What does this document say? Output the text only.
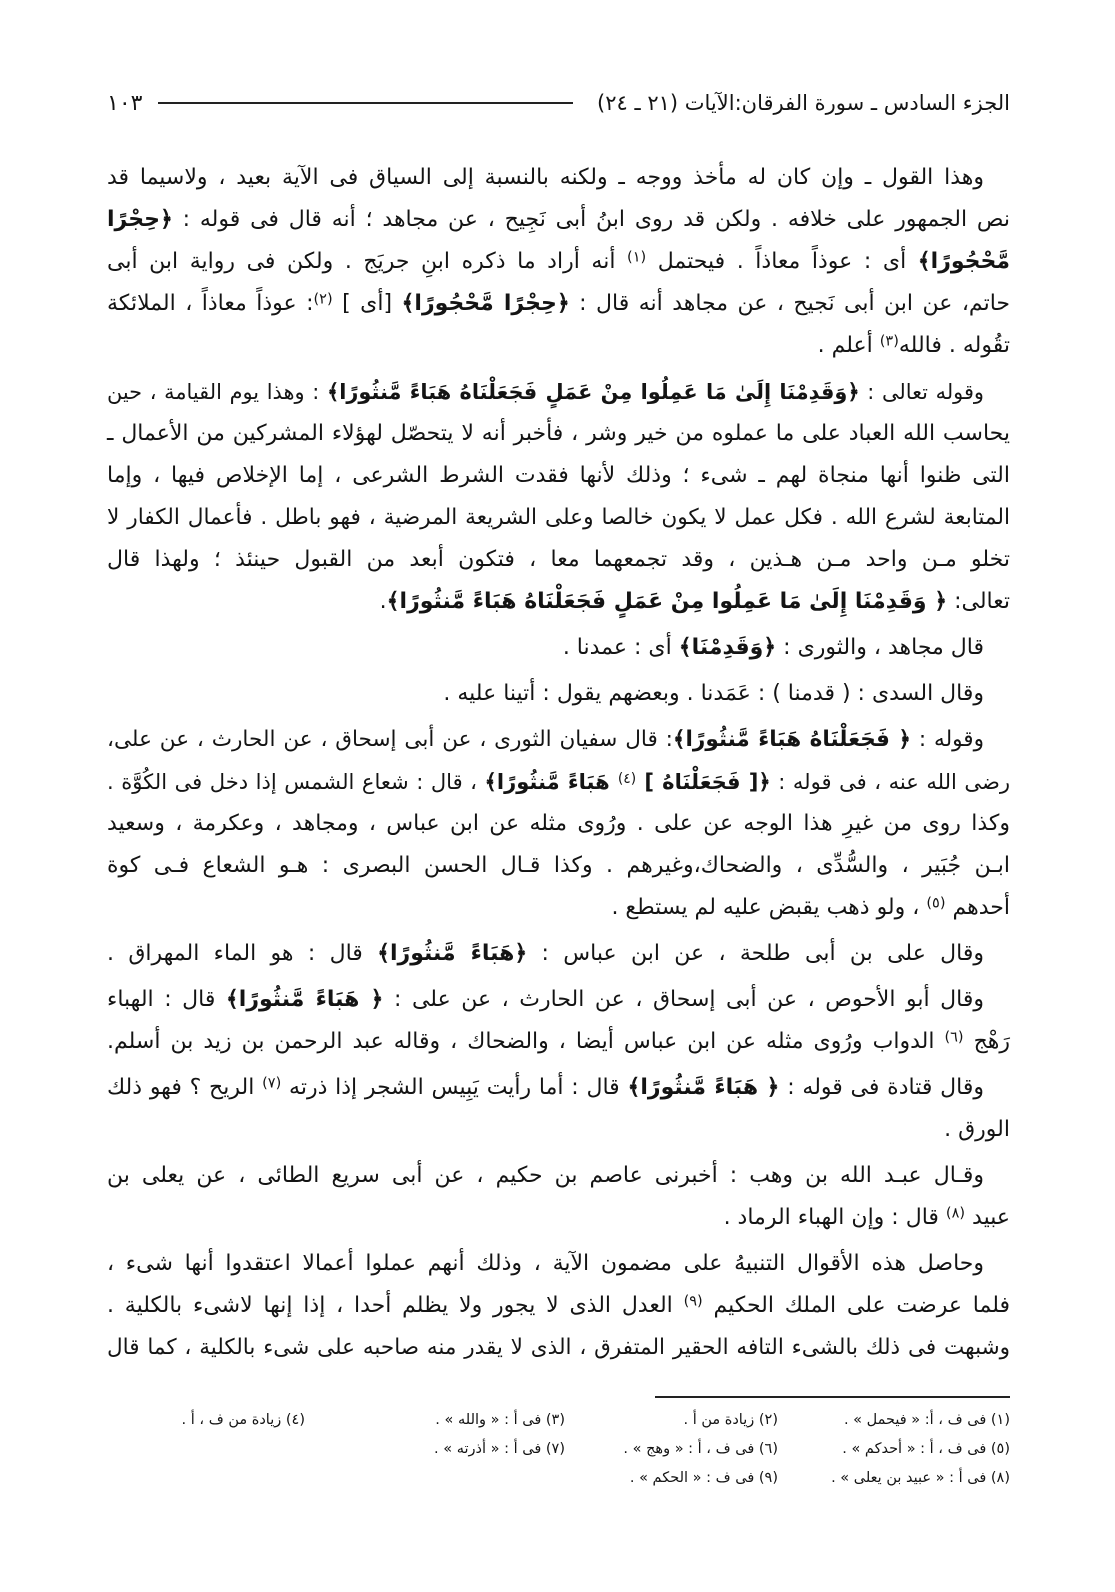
الجزء السادس ـ سورة الفرقان:الآيات (٢١ ـ ٢٤)
١٠٣
وهذا القول ـ وإن كان له مأخذ ووجه ـ ولكنه بالنسبة إلى السياق فى الآية بعيد ، ولاسيما قد
نص الجمهور على خلافه . ولكن قد روى ابنُ أبى نَجِيح ، عن مجاهد ؛ أنه قال فى قوله : ﴿حِجْرًا
مَّحْجُورًا﴾ أى : عوذاً معاذاً . فيحتمل $^{(١)}$ أنه أراد ما ذكره ابنِ جريَج . ولكن فى رواية ابن أبى
حاتم، عن ابن أبى نَجيح ، عن مجاهد أنه قال : ﴿حِجْرًا مَّحْجُورًا﴾ [أى ] $^{(٢)}$: عوذاً معاذاً ، الملائكة
تقُوله . فالله$^{(٣)}$ أعلم .
وقوله تعالى : ﴿وَقَدِمْنَا إِلَىٰ مَا عَمِلُوا مِنْ عَمَلٍ فَجَعَلْنَاهُ هَبَاءً مَّنثُورًا﴾ : وهذا يوم القيامة ، حين
يحاسب الله العباد على ما عملوه من خير وشر ، فأخبر أنه لا يتحصّل لهؤلاء المشركين من الأعمال ـ
التى ظنوا أنها منجاة لهم ـ شىء ؛ وذلك لأنها فقدت الشرط الشرعى ، إما الإخلاص فيها ، وإما
المتابعة لشرع الله . فكل عمل لا يكون خالصا وعلى الشريعة المرضية ، فهو باطل . فأعمال الكفار لا
تخلو مـن واحد مـن هـذين ، وقد تجمعهما معا ، فتكون أبعد من القبول حينئذ ؛ ولهذا قال
تعالى: ﴿ وَقَدِمْنَا إِلَىٰ مَا عَمِلُوا مِنْ عَمَلٍ فَجَعَلْنَاهُ هَبَاءً مَّنثُورًا﴾.
قال مجاهد ، والثورى : ﴿وَقَدِمْنَا﴾ أى : عمدنا .
وقال السدى : ( قدمنا ) : عَمَدنا . وبعضهم يقول : أتينا عليه .
وقوله : ﴿ فَجَعَلْنَاهُ هَبَاءً مَّنثُورًا﴾: قال سفيان الثورى ، عن أبى إسحاق ، عن الحارث ، عن على،
رضى الله عنه ، فى قوله : ﴿[ فَجَعَلْنَاهُ ] $^{(٤)}$ هَبَاءً مَّنثُورًا﴾ ، قال : شعاع الشمس إذا دخل فى الكُوَّة .
وكذا روى من غيرِ هذا الوجه عن على . ورُوى مثله عن ابن عباس ، ومجاهد ، وعكرمة ، وسعيد
ابـن جُبَير ، والسُّدِّى ، والضحاك،وغيرهم . وكذا قـال الحسن البصرى : هـو الشعاع فـى كوة
أحدهم $^{(٥)}$ ، ولو ذهب يقبض عليه لم يستطع .
وقال على بن أبى طلحة ، عن ابن عباس : ﴿هَبَاءً مَّنثُورًا﴾ قال : هو الماء المهراق .
وقال أبو الأحوص ، عن أبى إسحاق ، عن الحارث ، عن على : ﴿ هَبَاءً مَّنثُورًا﴾ قال : الهباء
رَهْج $^{(٦)}$ الدواب ورُوى مثله عن ابن عباس أيضا ، والضحاك ، وقاله عبد الرحمن بن زيد بن أسلم.
وقال قتادة فى قوله : ﴿ هَبَاءً مَّنثُورًا﴾ قال : أما رأيت يَبِيس الشجر إذا ذرته $^{(٧)}$ الريح ؟ فهو ذلك
الورق .
وقـال عبـد الله بن وهب : أخبرنى عاصم بن حكيم ، عن أبى سريع الطائى ، عن يعلى بن
عبيد $^{(٨)}$ قال : وإن الهباء الرماد .
وحاصل هذه الأقوال التنبيهُ على مضمون الآية ، وذلك أنهم عملوا أعمالا اعتقدوا أنها شىء ،
فلما عرضت على الملك الحكيم $^{(٩)}$ العدل الذى لا يجور ولا يظلم أحدا ، إذا إنها لاشىء بالكلية .
وشبهت فى ذلك بالشىء التافه الحقير المتفرق ، الذى لا يقدر منه صاحبه على شىء بالكلية ، كما قال
(١) فى ف ، أ: « فيحمل » .
(٢) زيادة من أ .
(٣) فى أ : « والله » .
(٤) زيادة من ف ، أ .
(٥) فى ف ، أ : « أحدكم » .
(٦) فى ف ، أ : « وهج » .
(٧) فى أ : « أذرته » .
(٨) فى أ : « عبيد بن يعلى » .
(٩) فى ف : « الحكم » .
